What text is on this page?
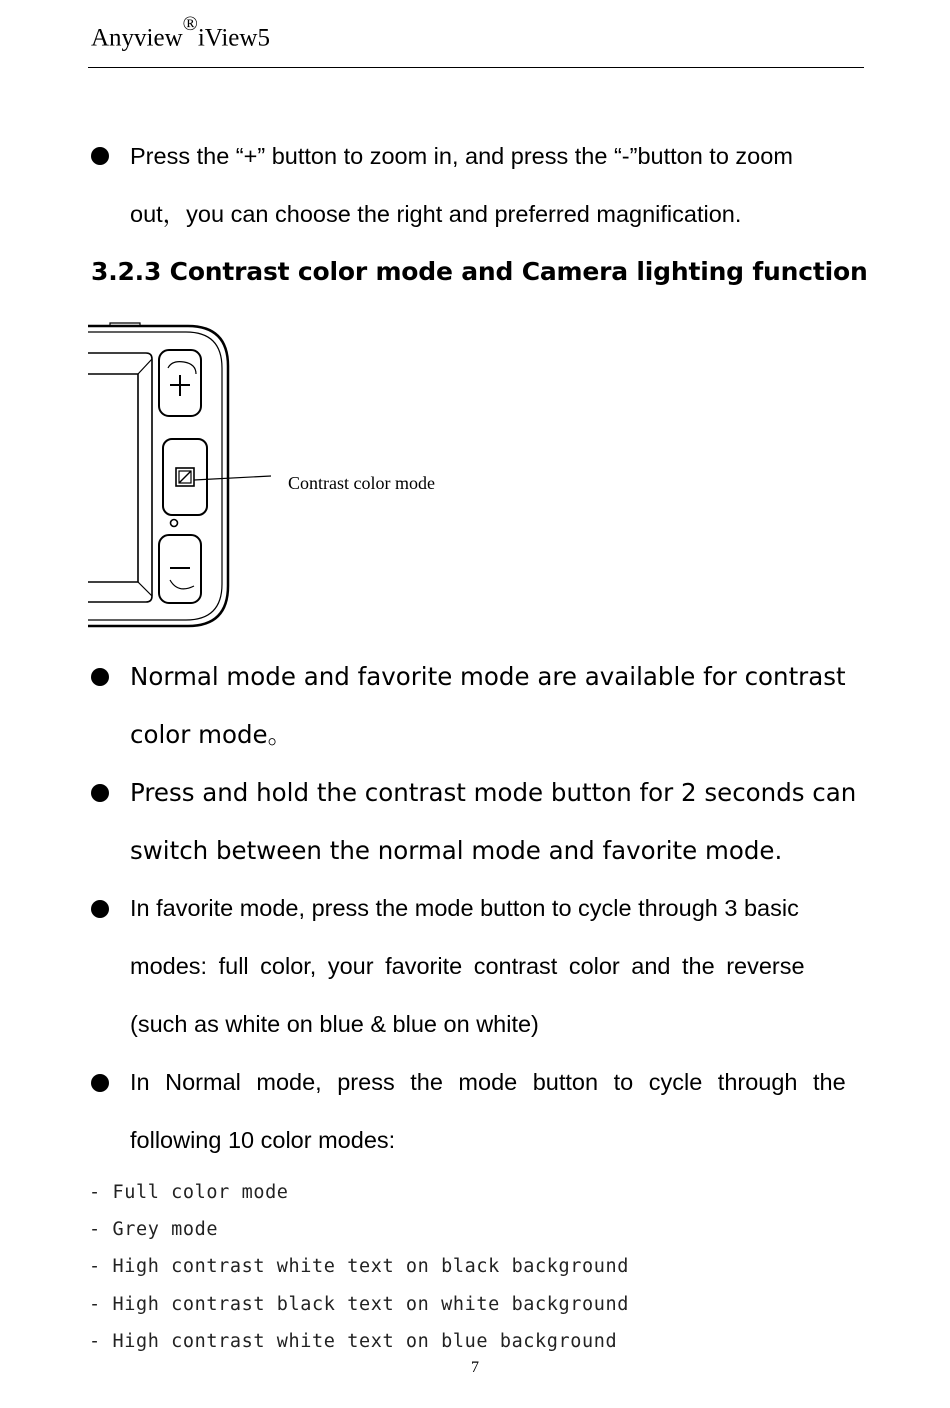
Anyview®iView5

Press the “+” button to zoom in, and press the “-”button to zoom
out，you can choose the right and preferred magnification.

3.2.3 Contrast color mode and Camera lighting function
Contrast color mode

Normal mode and favorite mode are available for contrast
color mode。

Press and hold the contrast mode button for 2 seconds can
switch between the normal mode and favorite mode.

In favorite mode, press the mode button to cycle through 3 basic
modes: full color, your favorite contrast color and the reverse
(such as white on blue & blue on white)

In Normal mode, press the mode button to cycle through the
following 10 color modes:

- Full color mode
- Grey mode
- High contrast white text on black background
- High contrast black text on white background
- High contrast white text on blue background
7
